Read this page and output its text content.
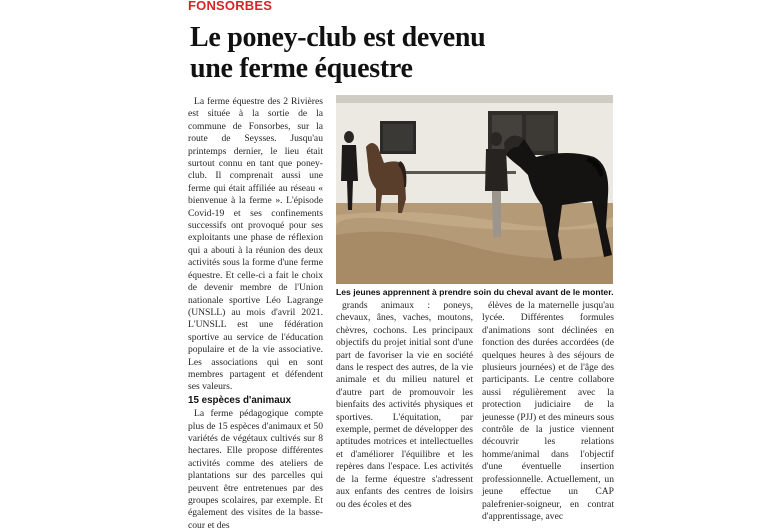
FONSORBES
Le poney-club est devenu
une ferme équestre

La ferme équestre des 2 Rivières est située à la sortie de la commune de Fonsorbes, sur la route de Seysses. Jusqu'au printemps dernier, le lieu était surtout connu en tant que poney-club. Il comprenait aussi une ferme qui était affiliée au réseau « bienvenue à la ferme ». L'épisode Covid-19 et ses confinements successifs ont provoqué pour ses exploitants une phase de réflexion qui a abouti à la réunion des deux activités sous la forme d'une ferme équestre. Et celle-ci a fait le choix de devenir membre de l'Union nationale sportive Léo Lagrange (UNSLL) au mois d'avril 2021. L'UNSLL est une fédération sportive au service de l'éducation populaire et de la vie associative. Les associations qui en sont membres partagent et défendent ses valeurs.

15 espèces d'animaux

La ferme pédagogique compte plus de 15 espèces d'animaux et 50 variétés de végétaux cultivés sur 8 hectares. Elle propose différentes activités comme des ateliers de plantations sur des parcelles qui peuvent être entretenues par des groupes scolaires, par exemple. Et également des visites de la basse-cour et des

Les jeunes apprennent à prendre soin du cheval avant de le monter.

grands animaux : poneys, chevaux, ânes, vaches, moutons, chèvres, cochons. Les principaux objectifs du projet initial sont d'une part de favoriser la vie en société dans le respect des autres, de la vie animale et du milieu naturel et d'autre part de promouvoir les bienfaits des activités physiques et sportives. L'équitation, par exemple, permet de développer des aptitudes motrices et intellectuelles et d'améliorer l'équilibre et les repères dans l'espace. Les activités de la ferme équestre s'adressent aux enfants des centres de loisirs ou des écoles et des

élèves de la maternelle jusqu'au lycée. Différentes formules d'animations sont déclinées en fonction des durées accordées (de quelques heures à des séjours de plusieurs journées) et de l'âge des participants. Le centre collabore aussi régulièrement avec la protection judiciaire de la jeunesse (PJJ) et des mineurs sous contrôle de la justice viennent découvrir les relations homme/animal dans l'objectif d'une éventuelle insertion professionnelle. Actuellement, un jeune effectue un CAP palefrenier-soigneur, en contrat d'apprentissage, avec
